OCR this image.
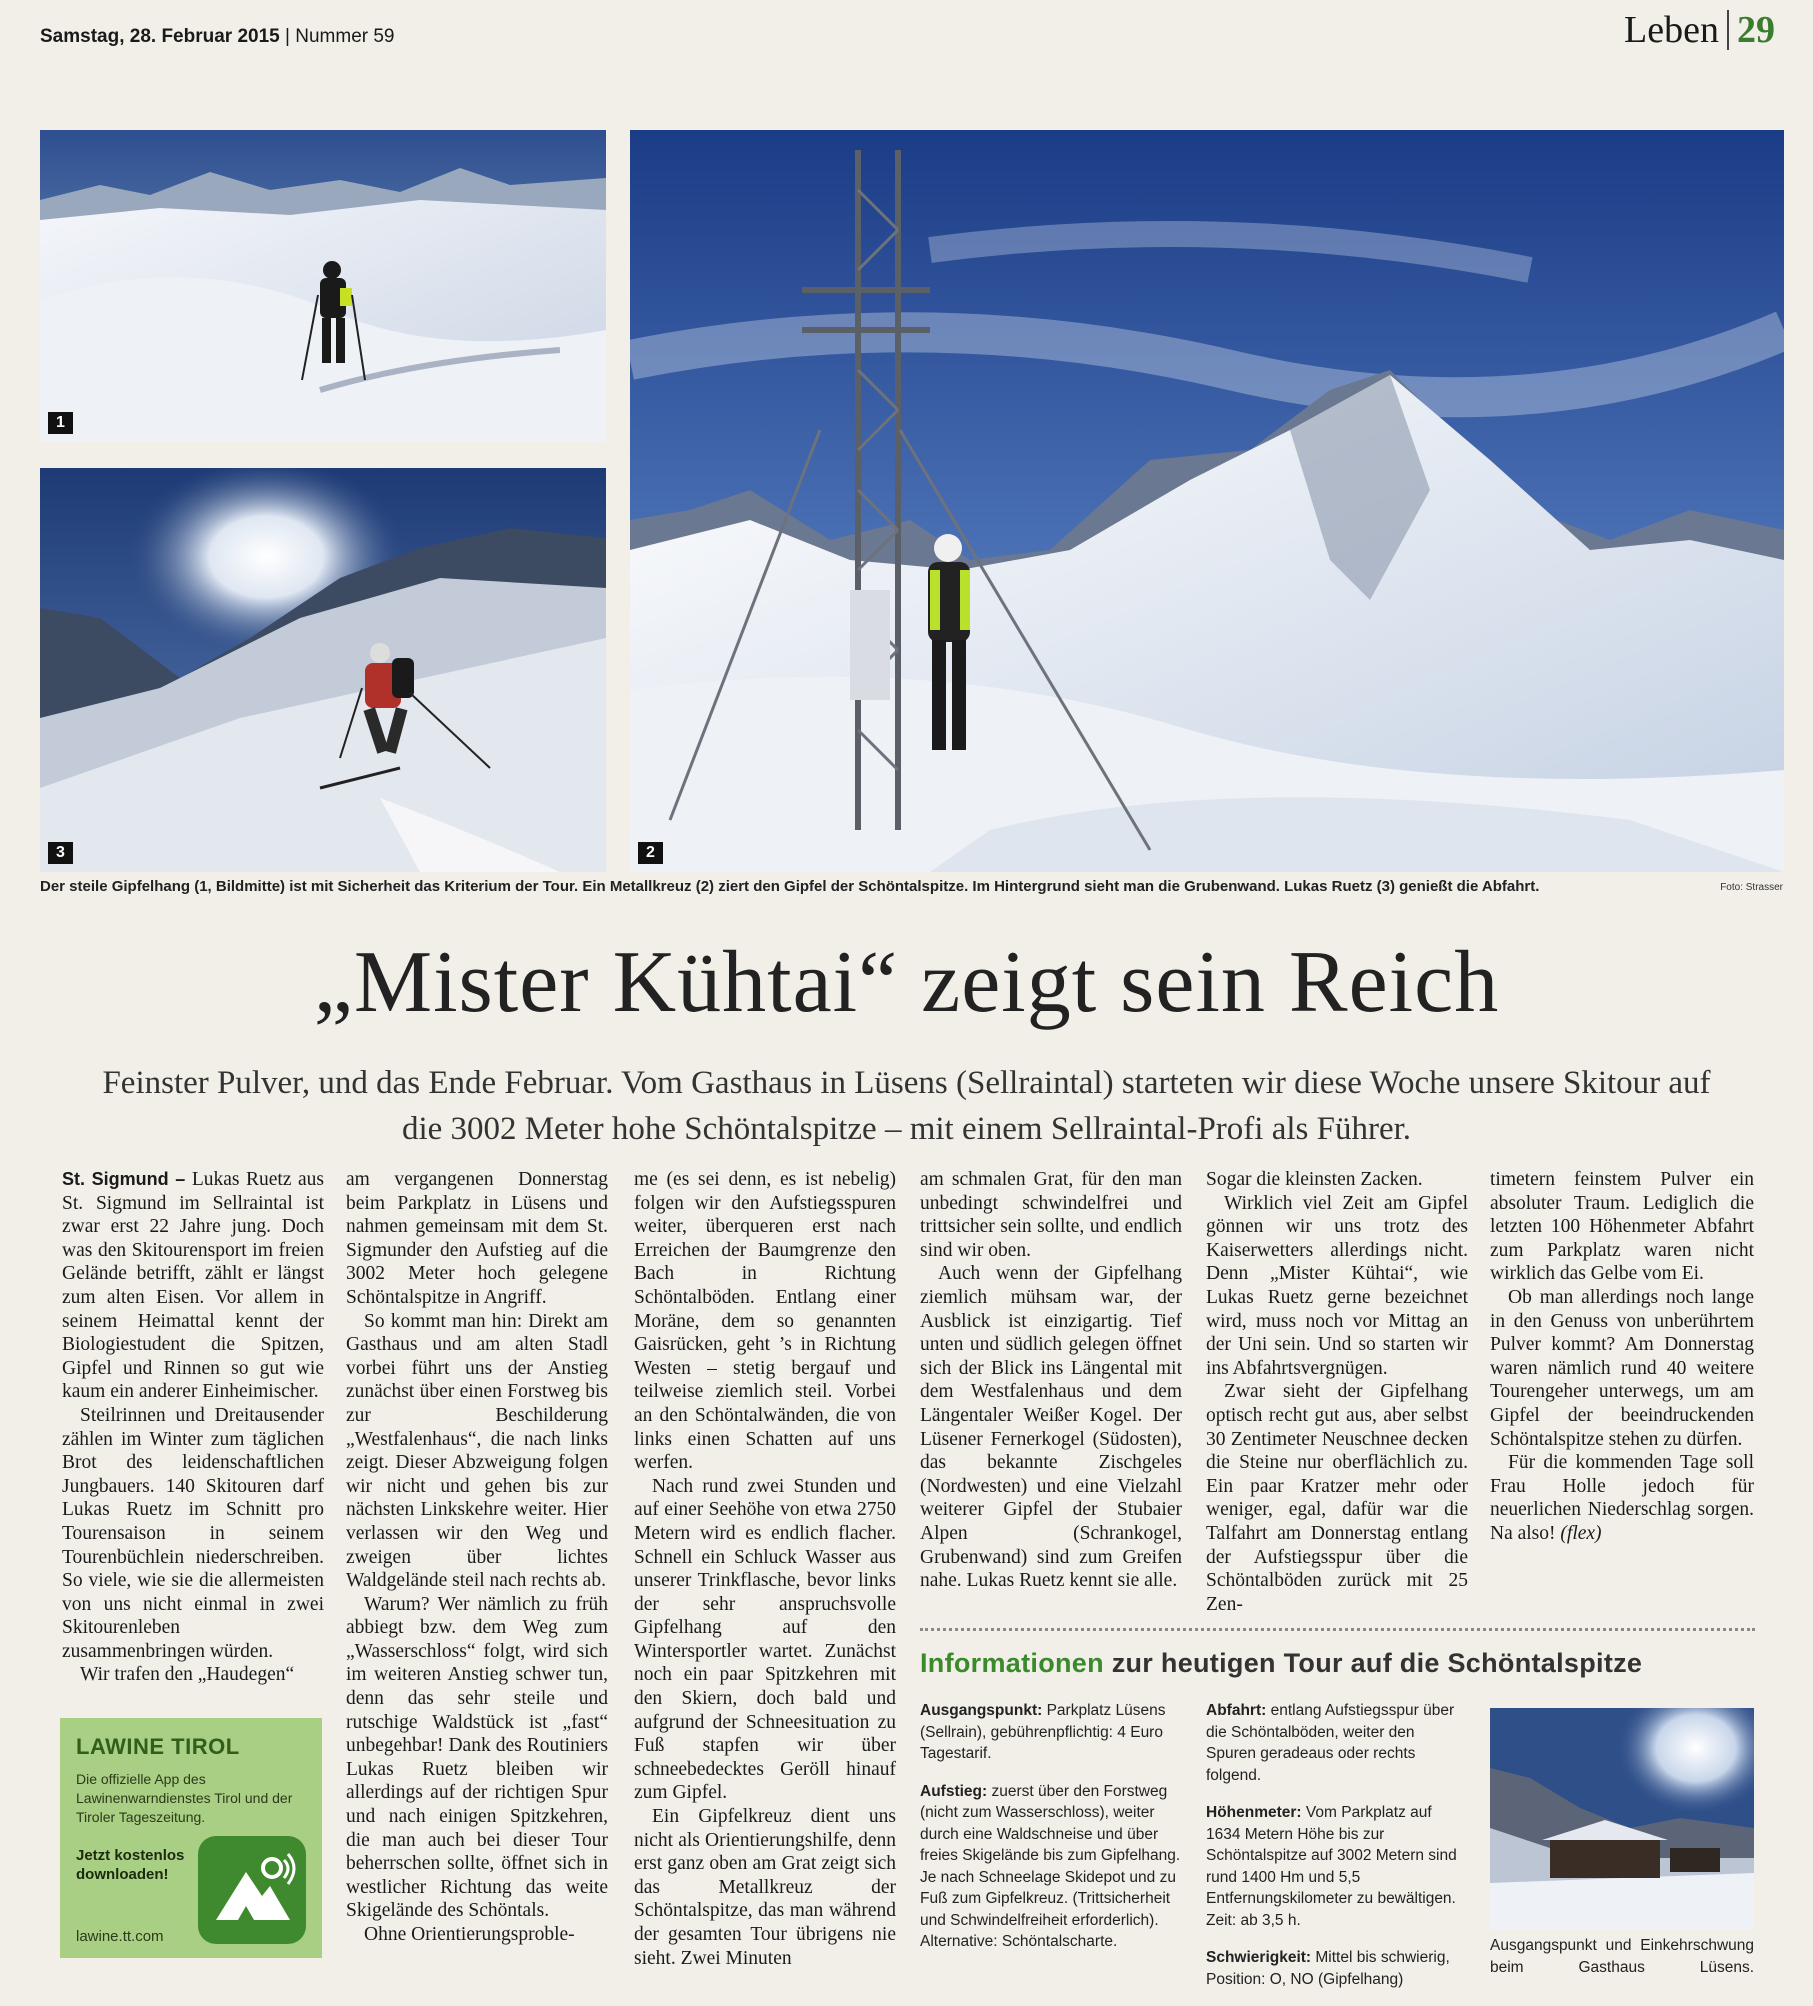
Samstag, 28. Februar 2015 | Nummer 59	Leben 29
1
3	2
Der steile Gipfelhang (1, Bildmitte) ist mit Sicherheit das Kriterium der Tour. Ein Metallkreuz (2) ziert den Gipfel der Schöntalspitze. Im Hintergrund sieht man die Grubenwand. Lukas Ruetz (3) genießt die Abfahrt.	Foto: Strasser
„Mister Kühtai“ zeigt sein Reich
Feinster Pulver, und das Ende Februar. Vom Gasthaus in Lüsens (Sellraintal) starteten wir diese Woche unsere Skitour auf die 3002 Meter hohe Schöntalspitze – mit einem Sellraintal-Profi als Führer.

St. Sigmund – Lukas Ruetz aus St. Sigmund im Sellraintal ist zwar erst 22 Jahre jung. Doch was den Skitourensport im freien Gelände betrifft, zählt er längst zum alten Eisen. Vor allem in seinem Heimattal kennt der Biologiestudent die Spitzen, Gipfel und Rinnen so gut wie kaum ein anderer Einheimischer.

Steilrinnen und Dreitausender zählen im Winter zum täglichen Brot des leidenschaftlichen Jungbauers. 140 Skitouren darf Lukas Ruetz im Schnitt pro Tourensaison in seinem Tourenbüchlein niederschreiben. So viele, wie sie die allermeisten von uns nicht einmal in zwei Skitourenleben zusammenbringen würden.

Wir trafen den „Haudegen“

LAWINE TIROL
Die offizielle App des Lawinenwarndienstes Tirol und der Tiroler Tageszeitung.
Jetzt kostenlos downloaden!
lawine.tt.com

am vergangenen Donnerstag beim Parkplatz in Lüsens und nahmen gemeinsam mit dem St. Sigmunder den Aufstieg auf die 3002 Meter hoch gelegene Schöntalspitze in Angriff.

So kommt man hin: Direkt am Gasthaus und am alten Stadl vorbei führt uns der Anstieg zunächst über einen Forstweg bis zur Beschilderung „Westfalenhaus“, die nach links zeigt. Dieser Abzweigung folgen wir nicht und gehen bis zur nächsten Linkskehre weiter. Hier verlassen wir den Weg und zweigen über lichtes Waldgelände steil nach rechts ab.

Warum? Wer nämlich zu früh abbiegt bzw. dem Weg zum „Wasserschloss“ folgt, wird sich im weiteren Anstieg schwer tun, denn das sehr steile und rutschige Waldstück ist „fast“ unbegehbar! Dank des Routiniers Lukas Ruetz bleiben wir allerdings auf der richtigen Spur und nach einigen Spitzkehren, die man auch bei dieser Tour beherrschen sollte, öffnet sich in westlicher Richtung das weite Skigelände des Schöntals.

Ohne Orientierungsproble-

me (es sei denn, es ist nebelig) folgen wir den Aufstiegsspuren weiter, überqueren erst nach Erreichen der Baumgrenze den Bach in Richtung Schöntalböden. Entlang einer Moräne, dem so genannten Gaisrücken, geht ’s in Richtung Westen – stetig bergauf und teilweise ziemlich steil. Vorbei an den Schöntalwänden, die von links einen Schatten auf uns werfen.

Nach rund zwei Stunden und auf einer Seehöhe von etwa 2750 Metern wird es endlich flacher. Schnell ein Schluck Wasser aus unserer Trinkflasche, bevor links der sehr anspruchsvolle Gipfelhang auf den Wintersportler wartet. Zunächst noch ein paar Spitzkehren mit den Skiern, doch bald und aufgrund der Schneesituation zu Fuß stapfen wir über schneebedecktes Geröll hinauf zum Gipfel.

Ein Gipfelkreuz dient uns nicht als Orientierungshilfe, denn erst ganz oben am Grat zeigt sich das Metallkreuz der Schöntalspitze, das man während der gesamten Tour übrigens nie sieht. Zwei Minuten

am schmalen Grat, für den man unbedingt schwindelfrei und trittsicher sein sollte, und endlich sind wir oben.

Auch wenn der Gipfelhang ziemlich mühsam war, der Ausblick ist einzigartig. Tief unten und südlich gelegen öffnet sich der Blick ins Längental mit dem Westfalenhaus und dem Längentaler Weißer Kogel. Der Lüsener Fernerkogel (Südosten), das bekannte Zischgeles (Nordwesten) und eine Vielzahl weiterer Gipfel der Stubaier Alpen (Schrankogel, Grubenwand) sind zum Greifen nahe. Lukas Ruetz kennt sie alle.

Sogar die kleinsten Zacken.

Wirklich viel Zeit am Gipfel gönnen wir uns trotz des Kaiserwetters allerdings nicht. Denn „Mister Kühtai“, wie Lukas Ruetz gerne bezeichnet wird, muss noch vor Mittag an der Uni sein. Und so starten wir ins Abfahrtsvergnügen.

Zwar sieht der Gipfelhang optisch recht gut aus, aber selbst 30 Zentimeter Neuschnee decken die Steine nur oberflächlich zu. Ein paar Kratzer mehr oder weniger, egal, dafür war die Talfahrt am Donnerstag entlang der Aufstiegsspur über die Schöntalböden zurück mit 25 Zen-

timetern feinstem Pulver ein absoluter Traum. Lediglich die letzten 100 Höhenmeter Abfahrt zum Parkplatz waren nicht wirklich das Gelbe vom Ei.

Ob man allerdings noch lange in den Genuss von unberührtem Pulver kommt? Am Donnerstag waren nämlich rund 40 weitere Tourengeher unterwegs, um am Gipfel der beeindruckenden Schöntalspitze stehen zu dürfen.

Für die kommenden Tage soll Frau Holle jedoch für neuerlichen Niederschlag sorgen. Na also! (flex)

Informationen zur heutigen Tour auf die Schöntalspitze

Ausgangspunkt: Parkplatz Lüsens (Sellrain), gebührenpflichtig: 4 Euro Tagestarif.

Aufstieg: zuerst über den Forstweg (nicht zum Wasserschloss), weiter durch eine Waldschneise und über freies Skigelände bis zum Gipfelhang. Je nach Schneelage Skidepot und zu Fuß zum Gipfelkreuz. (Trittsicherheit und Schwindelfreiheit erforderlich). Alternative: Schöntalscharte.

Abfahrt: entlang Aufstiegsspur über die Schöntalböden, weiter den Spuren geradeaus oder rechts folgend.

Höhenmeter: Vom Parkplatz auf 1634 Metern Höhe bis zur Schöntalspitze auf 3002 Metern sind rund 1400 Hm und 5,5 Entfernungskilometer zu bewältigen. Zeit: ab 3,5 h.

Schwierigkeit: Mittel bis schwierig, Position: O, NO (Gipfelhang)

Ausgangspunkt und Einkehrschwung beim Gasthaus Lüsens.
